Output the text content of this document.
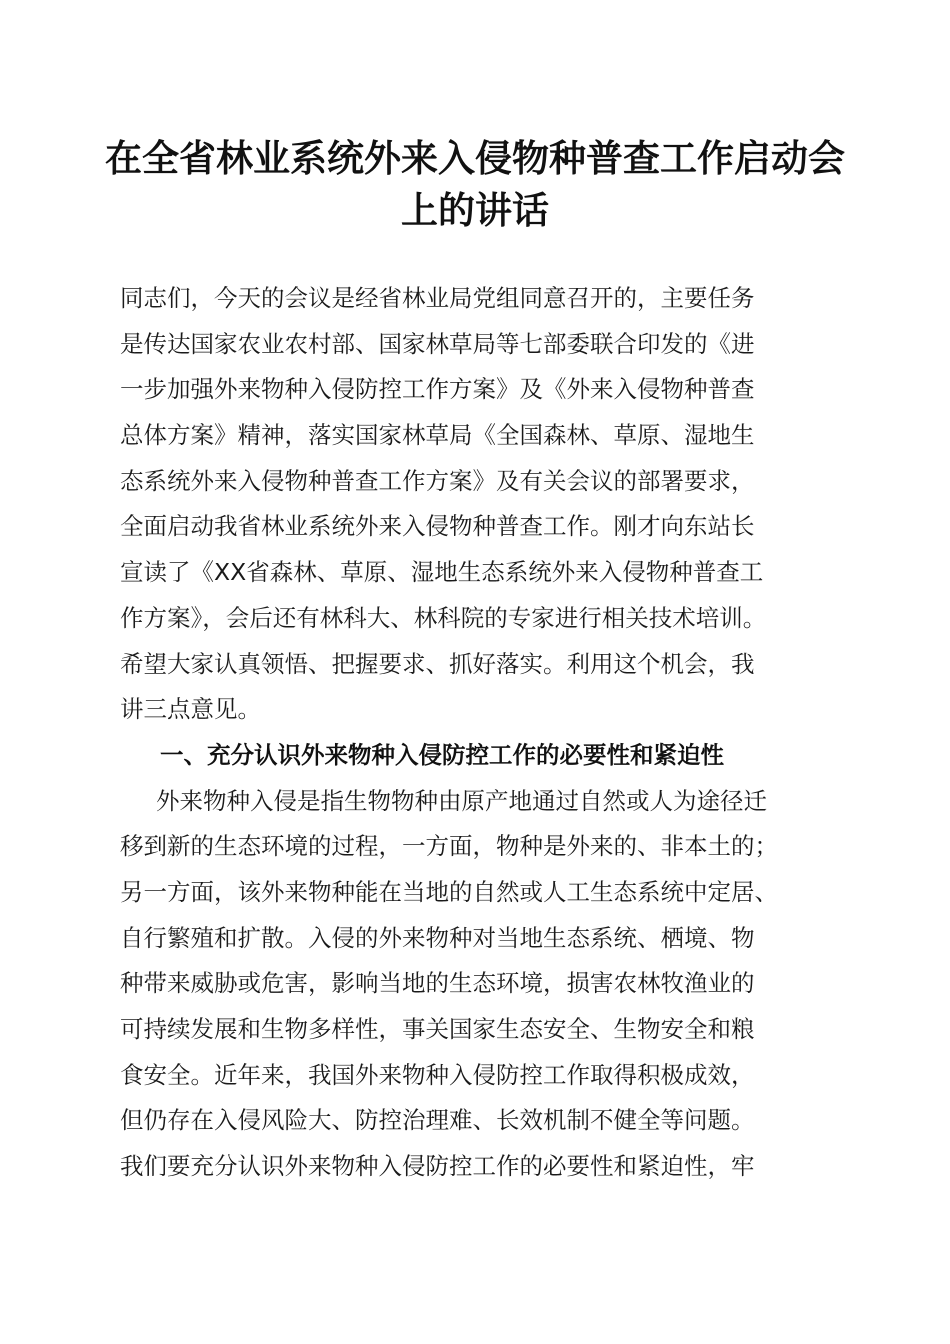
在全省林业系统外来入侵物种普查工作启动会
上的讲话
同志们，今天的会议是经省林业局党组同意召开的，主要任务
是传达国家农业农村部、国家林草局等七部委联合印发的《进
一步加强外来物种入侵防控工作方案》及《外来入侵物种普查
总体方案》精神，落实国家林草局《全国森林、草原、湿地生
态系统外来入侵物种普查工作方案》及有关会议的部署要求，
全面启动我省林业系统外来入侵物种普查工作。刚才向东站长
宣读了《XX省森林、草原、湿地生态系统外来入侵物种普查工
作方案》，会后还有林科大、林科院的专家进行相关技术培训。
希望大家认真领悟、把握要求、抓好落实。利用这个机会，我
讲三点意见。
一、充分认识外来物种入侵防控工作的必要性和紧迫性
外来物种入侵是指生物物种由原产地通过自然或人为途径迁
移到新的生态环境的过程，一方面，物种是外来的、非本土的；
另一方面，该外来物种能在当地的自然或人工生态系统中定居、
自行繁殖和扩散。入侵的外来物种对当地生态系统、栖境、物
种带来威胁或危害，影响当地的生态环境，损害农林牧渔业的
可持续发展和生物多样性，事关国家生态安全、生物安全和粮
食安全。近年来，我国外来物种入侵防控工作取得积极成效，
但仍存在入侵风险大、防控治理难、长效机制不健全等问题。
我们要充分认识外来物种入侵防控工作的必要性和紧迫性，牢
